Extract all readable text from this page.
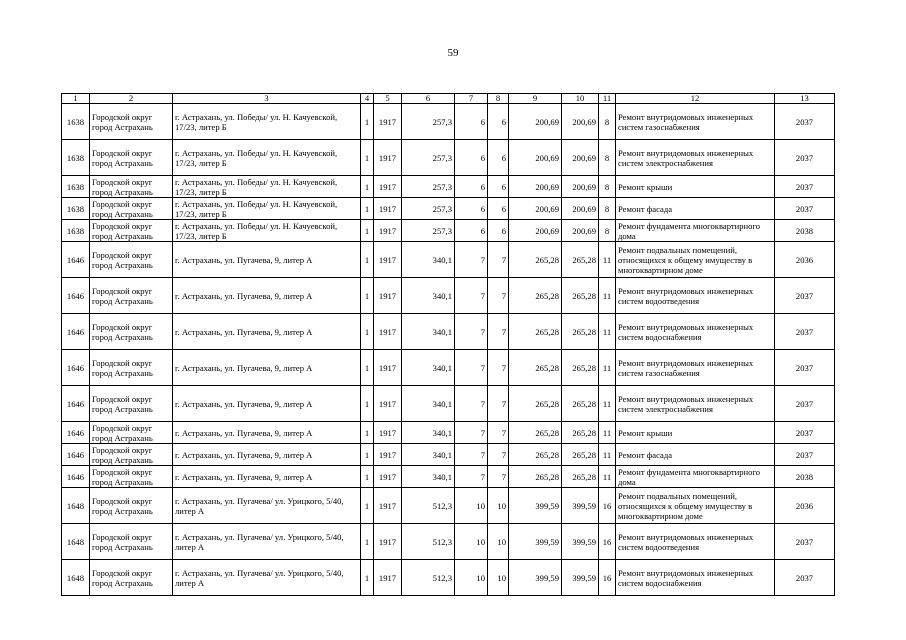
59
1	2	3	4	5	6	7	8	9	10	11	12	13
1638	Городской округ город Астрахань	г. Астрахань, ул. Победы/ ул. Н. Качуевской, 17/23, литер Б	1	1917	257,3	6	6	200,69	200,69	8	Ремонт внутридомовых инженерных систем газоснабжения	2037
1638	Городской округ город Астрахань	г. Астрахань, ул. Победы/ ул. Н. Качуевской, 17/23, литер Б	1	1917	257,3	6	6	200,69	200,69	8	Ремонт внутридомовых инженерных систем электроснабжения	2037
1638	Городской округ город Астрахань	г. Астрахань, ул. Победы/ ул. Н. Качуевской, 17/23, литер Б	1	1917	257,3	6	6	200,69	200,69	8	Ремонт крыши	2037
1638	Городской округ город Астрахань	г. Астрахань, ул. Победы/ ул. Н. Качуевской, 17/23, литер Б	1	1917	257,3	6	6	200,69	200,69	8	Ремонт фасада	2037
1638	Городской округ город Астрахань	г. Астрахань, ул. Победы/ ул. Н. Качуевской, 17/23, литер Б	1	1917	257,3	6	6	200,69	200,69	8	Ремонт фундамента многоквартирного дома	2038
1646	Городской округ город Астрахань	г. Астрахань, ул. Пугачева, 9, литер А	1	1917	340,1	7	7	265,28	265,28	11	Ремонт подвальных помещений, относящихся к общему имуществу в многоквартирном доме	2036
1646	Городской округ город Астрахань	г. Астрахань, ул. Пугачева, 9, литер А	1	1917	340,1	7	7	265,28	265,28	11	Ремонт внутридомовых инженерных систем водоотведения	2037
1646	Городской округ город Астрахань	г. Астрахань, ул. Пугачева, 9, литер А	1	1917	340,1	7	7	265,28	265,28	11	Ремонт внутридомовых инженерных систем водоснабжения	2037
1646	Городской округ город Астрахань	г. Астрахань, ул. Пугачева, 9, литер А	1	1917	340,1	7	7	265,28	265,28	11	Ремонт внутридомовых инженерных систем газоснабжения	2037
1646	Городской округ город Астрахань	г. Астрахань, ул. Пугачева, 9, литер А	1	1917	340,1	7	7	265,28	265,28	11	Ремонт внутридомовых инженерных систем электроснабжения	2037
1646	Городской округ город Астрахань	г. Астрахань, ул. Пугачева, 9, литер А	1	1917	340,1	7	7	265,28	265,28	11	Ремонт крыши	2037
1646	Городской округ город Астрахань	г. Астрахань, ул. Пугачева, 9, литер А	1	1917	340,1	7	7	265,28	265,28	11	Ремонт фасада	2037
1646	Городской округ город Астрахань	г. Астрахань, ул. Пугачева, 9, литер А	1	1917	340,1	7	7	265,28	265,28	11	Ремонт фундамента многоквартирного дома	2038
1648	Городской округ город Астрахань	г. Астрахань, ул. Пугачева/ ул. Урицкого, 5/40, литер А	1	1917	512,3	10	10	399,59	399,59	16	Ремонт подвальных помещений, относящихся к общему имуществу в многоквартирном доме	2036
1648	Городской округ город Астрахань	г. Астрахань, ул. Пугачева/ ул. Урицкого, 5/40, литер А	1	1917	512,3	10	10	399,59	399,59	16	Ремонт внутридомовых инженерных систем водоотведения	2037
1648	Городской округ город Астрахань	г. Астрахань, ул. Пугачева/ ул. Урицкого, 5/40, литер А	1	1917	512,3	10	10	399,59	399,59	16	Ремонт внутридомовых инженерных систем водоснабжения	2037
